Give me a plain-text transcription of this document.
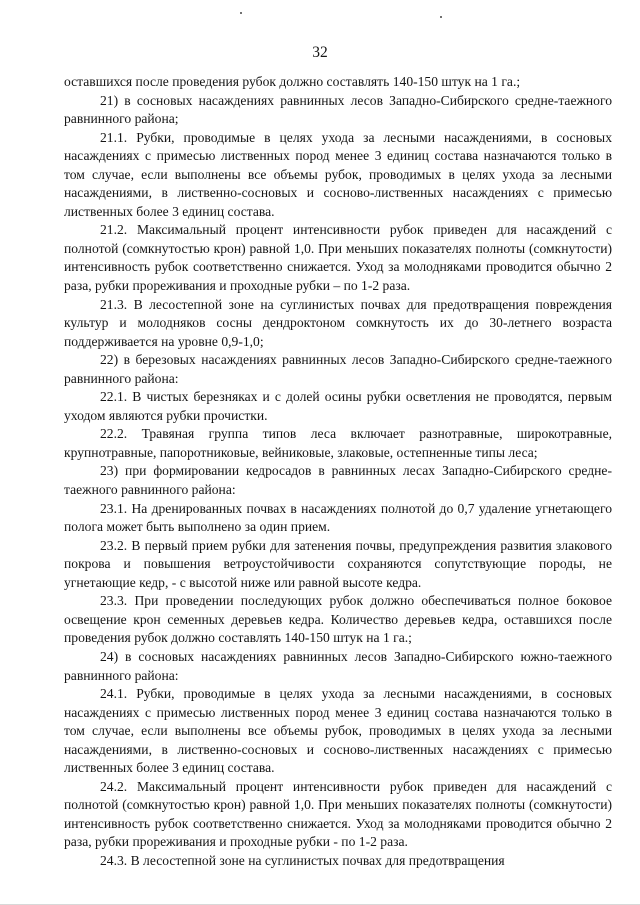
32

оставшихся после проведения рубок должно составлять 140-150 штук на 1 га.;

21) в сосновых насаждениях равнинных лесов Западно-Сибирского средне-таежного равнинного района;

21.1. Рубки, проводимые в целях ухода за лесными насаждениями, в сосновых насаждениях с примесью лиственных пород менее 3 единиц состава назначаются только в том случае, если выполнены все объемы рубок, проводимых в целях ухода за лесными насаждениями, в лиственно-сосновых и сосново-лиственных насаждениях с примесью лиственных более 3 единиц состава.

21.2. Максимальный процент интенсивности рубок приведен для насаждений с полнотой (сомкнутостью крон) равной 1,0. При меньших показателях полноты (сомкнутости) интенсивность рубок соответственно снижается. Уход за молодняками проводится обычно 2 раза, рубки прореживания и проходные рубки – по 1-2 раза.

21.3. В лесостепной зоне на суглинистых почвах для предотвращения повреждения культур и молодняков сосны дендроктоном сомкнутость их до 30-летнего возраста поддерживается на уровне 0,9-1,0;

22) в березовых насаждениях равнинных лесов Западно-Сибирского средне-таежного равнинного района:

22.1. В чистых березняках и с долей осины рубки осветления не проводятся, первым уходом являются рубки прочистки.

22.2. Травяная группа типов леса включает разнотравные, широкотравные, крупнотравные, папоротниковые, вейниковые, злаковые, остепненные типы леса;

23) при формировании кедросадов в равнинных лесах Западно-Сибирского средне-таежного равнинного района:

23.1. На дренированных почвах в насаждениях полнотой до 0,7 удаление угнетающего полога может быть выполнено за один прием.

23.2. В первый прием рубки для затенения почвы, предупреждения развития злакового покрова и повышения ветроустойчивости сохраняются сопутствующие породы, не угнетающие кедр, - с высотой ниже или равной высоте кедра.

23.3. При проведении последующих рубок должно обеспечиваться полное боковое освещение крон семенных деревьев кедра. Количество деревьев кедра, оставшихся после проведения рубок должно составлять 140-150 штук на 1 га.;

24) в сосновых насаждениях равнинных лесов Западно-Сибирского южно-таежного равнинного района:

24.1. Рубки, проводимые в целях ухода за лесными насаждениями, в сосновых насаждениях с примесью лиственных пород менее 3 единиц состава назначаются только в том случае, если выполнены все объемы рубок, проводимых в целях ухода за лесными насаждениями, в лиственно-сосновых и сосново-лиственных насаждениях с примесью лиственных более 3 единиц состава.

24.2. Максимальный процент интенсивности рубок приведен для насаждений с полнотой (сомкнутостью крон) равной 1,0. При меньших показателях полноты (сомкнутости) интенсивность рубок соответственно снижается. Уход за молодняками проводится обычно 2 раза, рубки прореживания и проходные рубки - по 1-2 раза.

24.3. В лесостепной зоне на суглинистых почвах для предотвращения
